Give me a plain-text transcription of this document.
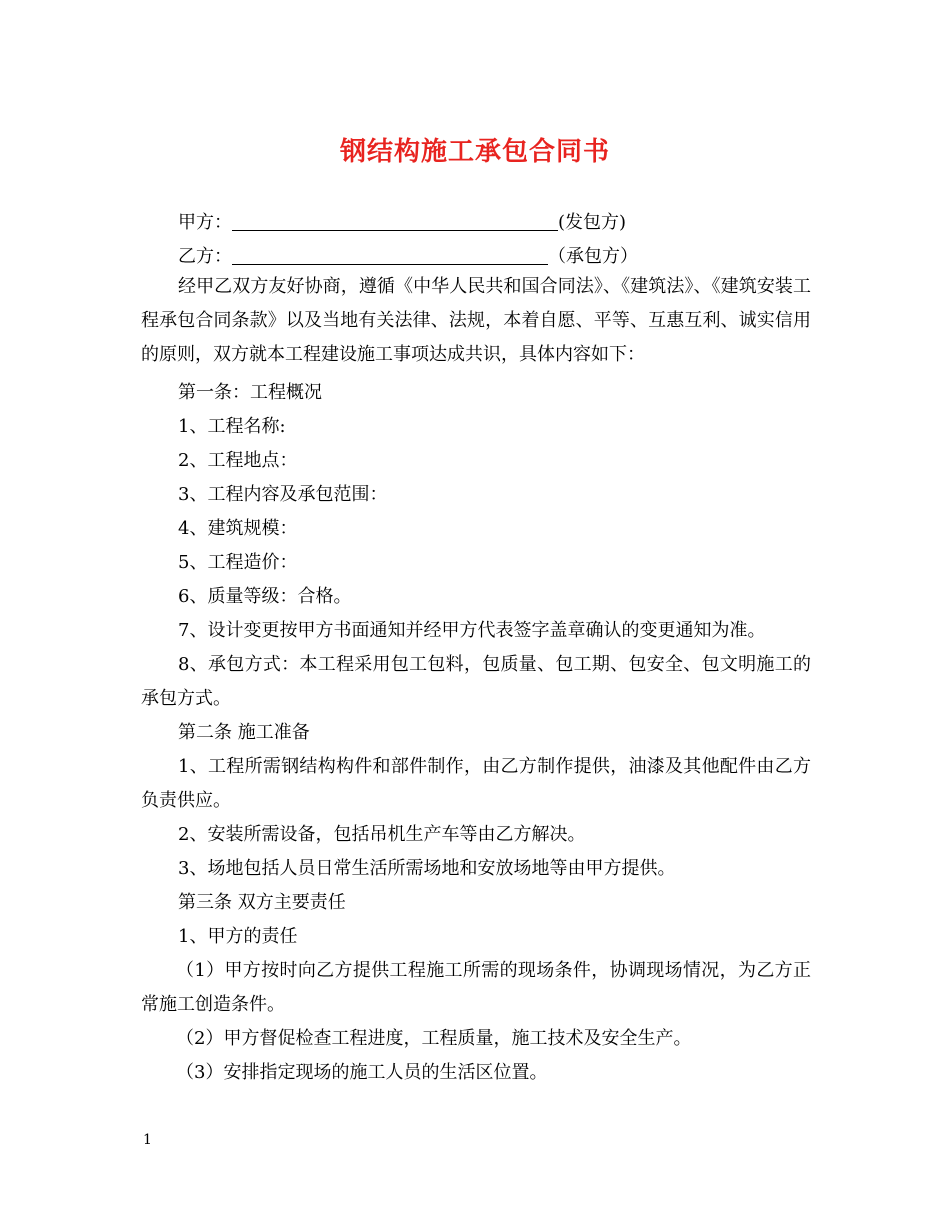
钢结构施工承包合同书
甲方：	(发包方)
乙方：	（承包方）
经甲乙双方友好协商，遵循《中华人民共和国合同法》、《建筑法》、《建筑安装工程承包合同条款》以及当地有关法律、法规，本着自愿、平等、互惠互利、诚实信用的原则，双方就本工程建设施工事项达成共识，具体内容如下：
第一条：工程概况
1、工程名称:
2、工程地点：
3、工程内容及承包范围：
4、建筑规模：
5、工程造价：
6、质量等级：合格。
7、设计变更按甲方书面通知并经甲方代表签字盖章确认的变更通知为准。
8、承包方式：本工程采用包工包料，包质量、包工期、包安全、包文明施工的承包方式。
第二条 施工准备
1、工程所需钢结构构件和部件制作，由乙方制作提供，油漆及其他配件由乙方负责供应。
2、安装所需设备，包括吊机生产车等由乙方解决。
3、场地包括人员日常生活所需场地和安放场地等由甲方提供。
第三条 双方主要责任
1、甲方的责任
（1）甲方按时向乙方提供工程施工所需的现场条件，协调现场情况，为乙方正常施工创造条件。
（2）甲方督促检查工程进度，工程质量，施工技术及安全生产。
（3）安排指定现场的施工人员的生活区位置。
1
